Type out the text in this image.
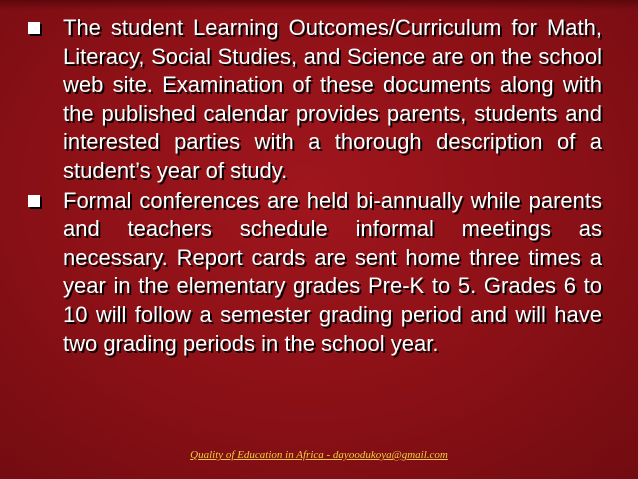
The student Learning Outcomes/Curriculum for Math, Literacy, Social Studies, and Science are on the school web site. Examination of these documents along with the published calendar provides parents, students and interested parties with a thorough description of a student’s year of study.
Formal conferences are held bi-annually while parents and teachers schedule informal meetings as necessary. Report cards are sent home three times a year in the elementary grades Pre-K to 5. Grades 6 to 10 will follow a semester grading period and will have two grading periods in the school year.
Quality of Education in Africa - dayoodukoya@gmail.com
